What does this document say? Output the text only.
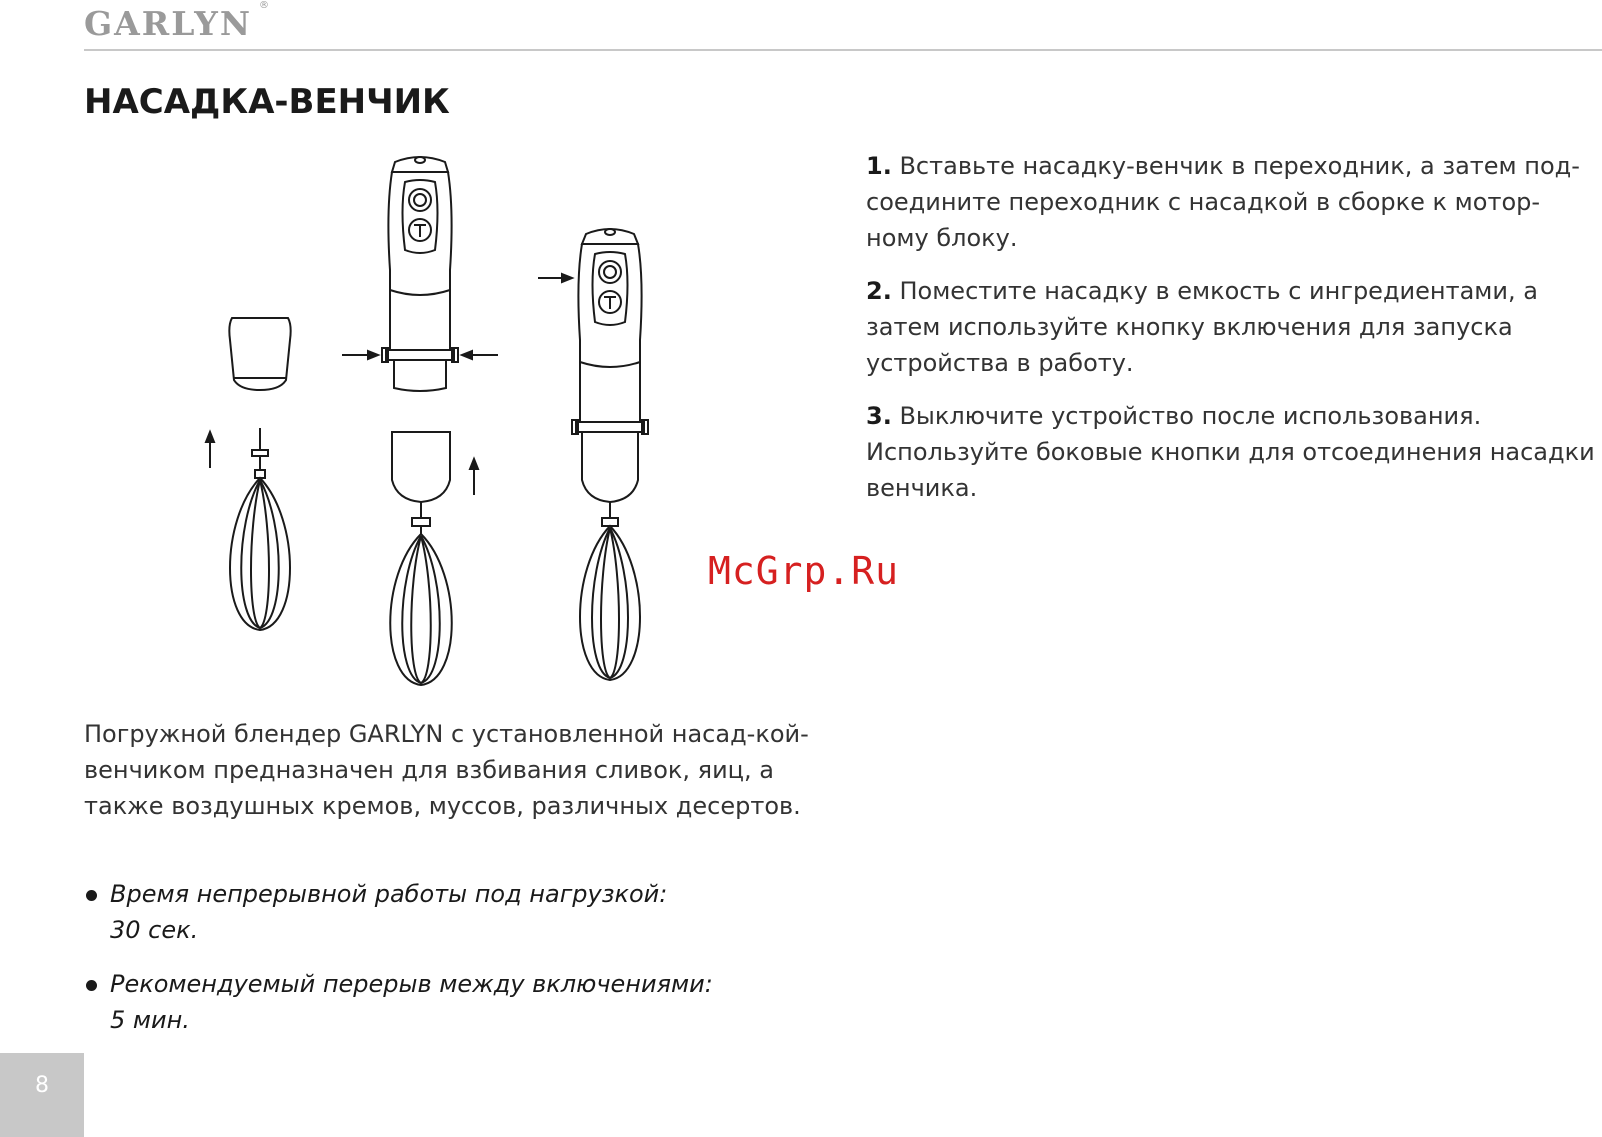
GARLYN ®
НАСАДКА-ВЕНЧИК

1. Вставьте насадку-венчик в переходник, а затем под-соедините переходник с насадкой в сборке к мотор-ному блоку.

2. Поместите насадку в емкость с ингредиентами, а затем используйте кнопку включения для запуска устройства в работу.

3. Выключите устройство после использования. Используйте боковые кнопки для отсоединения насадки венчика.

McGrp.Ru

Погружной блендер GARLYN с установленной насад-кой-венчиком предназначен для взбивания сливок, яиц, а также воздушных кремов, муссов, различных десертов.

Время непрерывной работы под нагрузкой:
30 сек.
Рекомендуемый перерыв между включениями:
5 мин.
8
